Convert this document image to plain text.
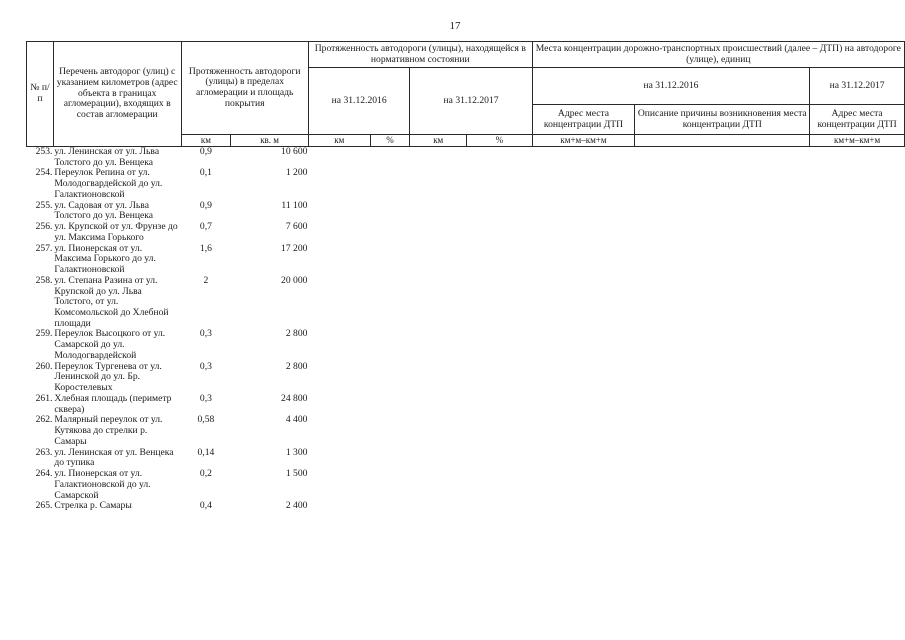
17
№ п/п	Перечень автодорог (улиц) с указанием километров (адрес объекта в границах агломерации), входящих в состав агломерации	Протяженность автодороги (улицы) в пределах агломерации и площадь покрытия		Протяженность автодороги (улицы), находящейся в нормативном состоянии				Места концентрации дорожно-транспортных происшествий (далее – ДТП) на автодороге (улице), единиц		
				на 31.12.2016		на 31.12.2017		на 31.12.2016		на 31.12.2017
								Адрес места концентрации ДТП	Описание причины возникновения места концентрации ДТП	Адрес места концентрации ДТП
		км	кв. м	км	%	км	%	км+м–км+м		км+м–км+м
253.	ул. Ленинская от ул. Льва Толстого до ул. Венцека	0,9	10 600							
254.	Переулок Репина от ул. Молодогвардейской до ул. Галактионовской	0,1	1 200							
255.	ул. Садовая от ул. Льва Толстого до ул. Венцека	0,9	11 100							
256.	ул. Крупской от ул. Фрунзе до ул. Максима Горького	0,7	7 600							
257.	ул. Пионерская от ул. Максима Горького до ул. Галактионовской	1,6	17 200							
258.	ул. Степана Разина от ул. Крупской до ул. Льва Толстого, от ул. Комсомольской до Хлебной площади	2	20 000							
259.	Переулок Высоцкого от ул. Самарской до ул. Молодогвардейской	0,3	2 800							
260.	Переулок Тургенева от ул. Ленинской до ул. Бр. Коростелевых	0,3	2 800							
261.	Хлебная площадь (периметр сквера)	0,3	24 800							
262.	Малярный переулок от ул. Кутякова до стрелки р. Самары	0,58	4 400							
263.	ул. Ленинская от ул. Венцека до тупика	0,14	1 300							
264.	ул. Пионерская от ул. Галактионовской до ул. Самарской	0,2	1 500							
265.	Стрелка р. Самары	0,4	2 400							
